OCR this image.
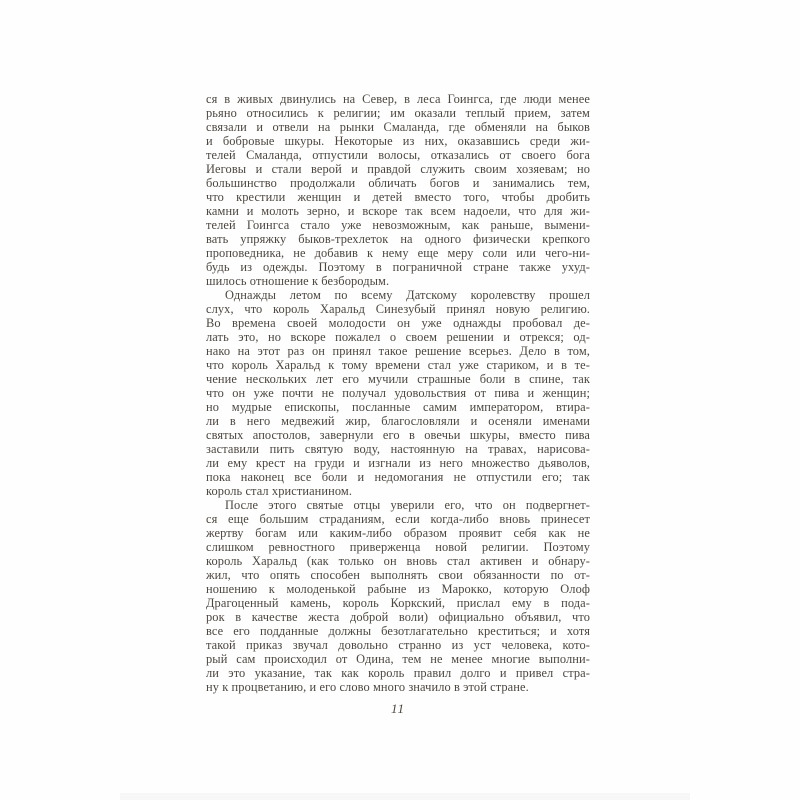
ся в живых двинулись на Север, в леса Гоингса, где люди менее
рьяно относились к религии; им оказали теплый прием, затем
связали и отвели на рынки Смаланда, где обменяли на быков
и бобровые шкуры. Некоторые из них, оказавшись среди жи-
телей Смаланда, отпустили волосы, отказались от своего бога
Иеговы и стали верой и правдой служить своим хозяевам; но
большинство продолжали обличать богов и занимались тем,
что крестили женщин и детей вместо того, чтобы дробить
камни и молоть зерно, и вскоре так всем надоели, что для жи-
телей Гоингса стало уже невозможным, как раньше, вымени-
вать упряжку быков-трехлеток на одного физически крепкого
проповедника, не добавив к нему еще меру соли или чего-ни-
будь из одежды. Поэтому в пограничной стране также ухуд-
шилось отношение к безбородым.

Однажды летом по всему Датскому королевству прошел
слух, что король Харальд Синезубый принял новую религию.
Во времена своей молодости он уже однажды пробовал де-
лать это, но вскоре пожалел о своем решении и отрекся; од-
нако на этот раз он принял такое решение всерьез. Дело в том,
что король Харальд к тому времени стал уже стариком, и в те-
чение нескольких лет его мучили страшные боли в спине, так
что он уже почти не получал удовольствия от пива и женщин;
но мудрые епископы, посланные самим императором, втира-
ли в него медвежий жир, благословляли и осеняли именами
святых апостолов, завернули его в овечьи шкуры, вместо пива
заставили пить святую воду, настоянную на травах, нарисова-
ли ему крест на груди и изгнали из него множество дьяволов,
пока наконец все боли и недомогания не отпустили его; так
король стал христианином.

После этого святые отцы уверили его, что он подвергнет-
ся еще большим страданиям, если когда-либо вновь принесет
жертву богам или каким-либо образом проявит себя как не
слишком ревностного приверженца новой религии. Поэтому
король Харальд (как только он вновь стал активен и обнару-
жил, что опять способен выполнять свои обязанности по от-
ношению к молоденькой рабыне из Марокко, которую Олоф
Драгоценный камень, король Коркский, прислал ему в пода-
рок в качестве жеста доброй воли) официально объявил, что
все его подданные должны безотлагательно креститься; и хотя
такой приказ звучал довольно странно из уст человека, кото-
рый сам происходил от Одина, тем не менее многие выполни-
ли это указание, так как король правил долго и привел стра-
ну к процветанию, и его слово много значило в этой стране.

11
